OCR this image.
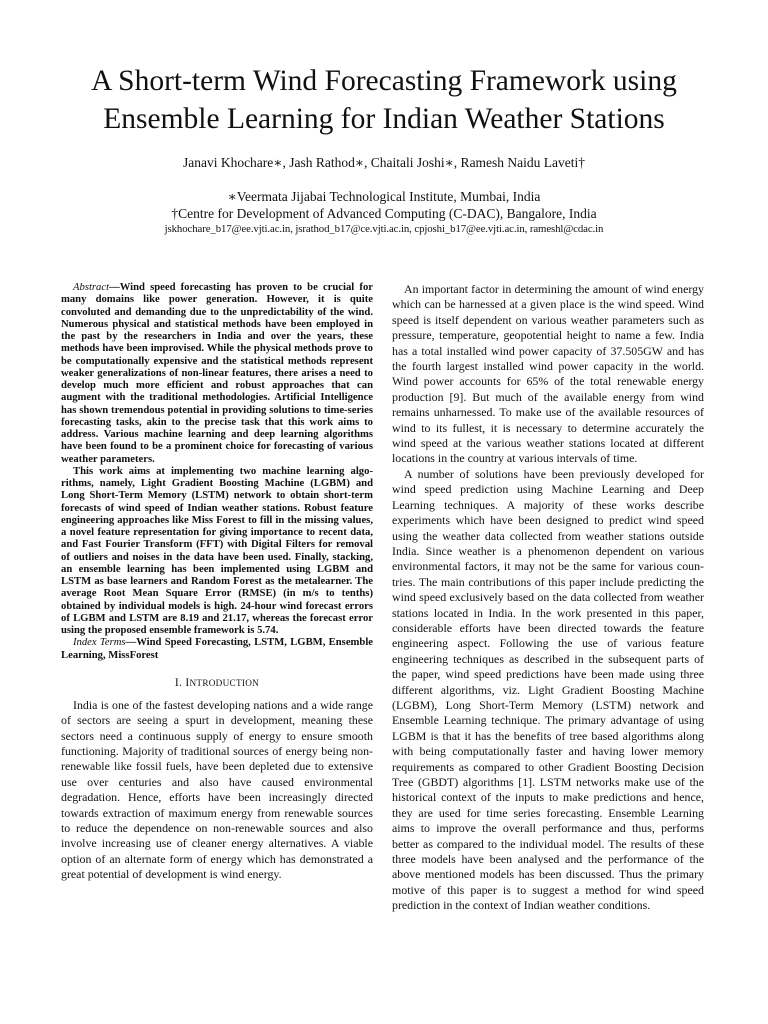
A Short-term Wind Forecasting Framework using Ensemble Learning for Indian Weather Stations

Janavi Khochare∗, Jash Rathod∗, Chaitali Joshi∗, Ramesh Naidu Laveti†

∗Veermata Jijabai Technological Institute, Mumbai, India

†Centre for Development of Advanced Computing (C-DAC), Bangalore, India

jskhochare_b17@ee.vjti.ac.in, jsrathod_b17@ce.vjti.ac.in, cpjoshi_b17@ee.vjti.ac.in, rameshl@cdac.in

Abstract—Wind speed forecasting has proven to be crucial for many domains like power generation. However, it is quite convoluted and demanding due to the unpredictability of the wind. Numerous physical and statistical methods have been employed in the past by the researchers in India and over the years, these methods have been improvised. While the physical methods prove to be computationally expensive and the statistical methods represent weaker generalizations of non-linear features, there arises a need to develop much more efficient and robust approaches that can augment with the traditional methodologies. Artificial Intelligence has shown tremendous potential in providing solutions to time-series forecasting tasks, akin to the precise task that this work aims to address. Various machine learning and deep learning algorithms have been found to be a prominent choice for forecasting of various weather parameters.

This work aims at implementing two machine learning algorithms, namely, Light Gradient Boosting Machine (LGBM) and Long Short-Term Memory (LSTM) network to obtain short-term forecasts of wind speed of Indian weather stations. Robust feature engineering approaches like Miss Forest to fill in the missing values, a novel feature representation for giving importance to recent data, and Fast Fourier Transform (FFT) with Digital Filters for removal of outliers and noises in the data have been used. Finally, stacking, an ensemble learning has been implemented using LGBM and LSTM as base learners and Random Forest as the metalearner. The average Root Mean Square Error (RMSE) (in m/s to tenths) obtained by individual models is high. 24-hour wind forecast errors of LGBM and LSTM are 8.19 and 21.17, whereas the forecast error using the proposed ensemble framework is 5.74.

Index Terms—Wind Speed Forecasting, LSTM, LGBM, Ensemble Learning, MissForest

I. INTRODUCTION

India is one of the fastest developing nations and a wide range of sectors are seeing a spurt in development, meaning these sectors need a continuous supply of energy to ensure smooth functioning. Majority of traditional sources of energy being non-renewable like fossil fuels, have been depleted due to extensive use over centuries and also have caused environmental degradation. Hence, efforts have been increasingly directed towards extraction of maximum energy from renewable sources to reduce the dependence on non-renewable sources and also involve increasing use of cleaner energy alternatives. A viable option of an alternate form of energy which has demonstrated a great potential of development is wind energy.

An important factor in determining the amount of wind energy which can be harnessed at a given place is the wind speed. Wind speed is itself dependent on various weather parameters such as pressure, temperature, geopotential height to name a few. India has a total installed wind power capacity of 37.505GW and has the fourth largest installed wind power capacity in the world. Wind power accounts for 65% of the total renewable energy production [9]. But much of the available energy from wind remains unharnessed. To make use of the available resources of wind to its fullest, it is necessary to determine accurately the wind speed at the various weather stations located at different locations in the country at various intervals of time.

A number of solutions have been previously developed for wind speed prediction using Machine Learning and Deep Learning techniques. A majority of these works describe experiments which have been designed to predict wind speed using the weather data collected from weather stations outside India. Since weather is a phenomenon dependent on various environmental factors, it may not be the same for various countries. The main contributions of this paper include predicting the wind speed exclusively based on the data collected from weather stations located in India. In the work presented in this paper, considerable efforts have been directed towards the feature engineering aspect. Following the use of various feature engineering techniques as described in the subsequent parts of the paper, wind speed predictions have been made using three different algorithms, viz. Light Gradient Boosting Machine (LGBM), Long Short-Term Memory (LSTM) network and Ensemble Learning technique. The primary advantage of using LGBM is that it has the benefits of tree based algorithms along with being computationally faster and having lower memory requirements as compared to other Gradient Boosting Decision Tree (GBDT) algorithms [1]. LSTM networks make use of the historical context of the inputs to make predictions and hence, they are used for time series forecasting. Ensemble Learning aims to improve the overall performance and thus, performs better as compared to the individual model. The results of these three models have been analysed and the performance of the above mentioned models has been discussed. Thus the primary motive of this paper is to suggest a method for wind speed prediction in the context of Indian weather conditions.
